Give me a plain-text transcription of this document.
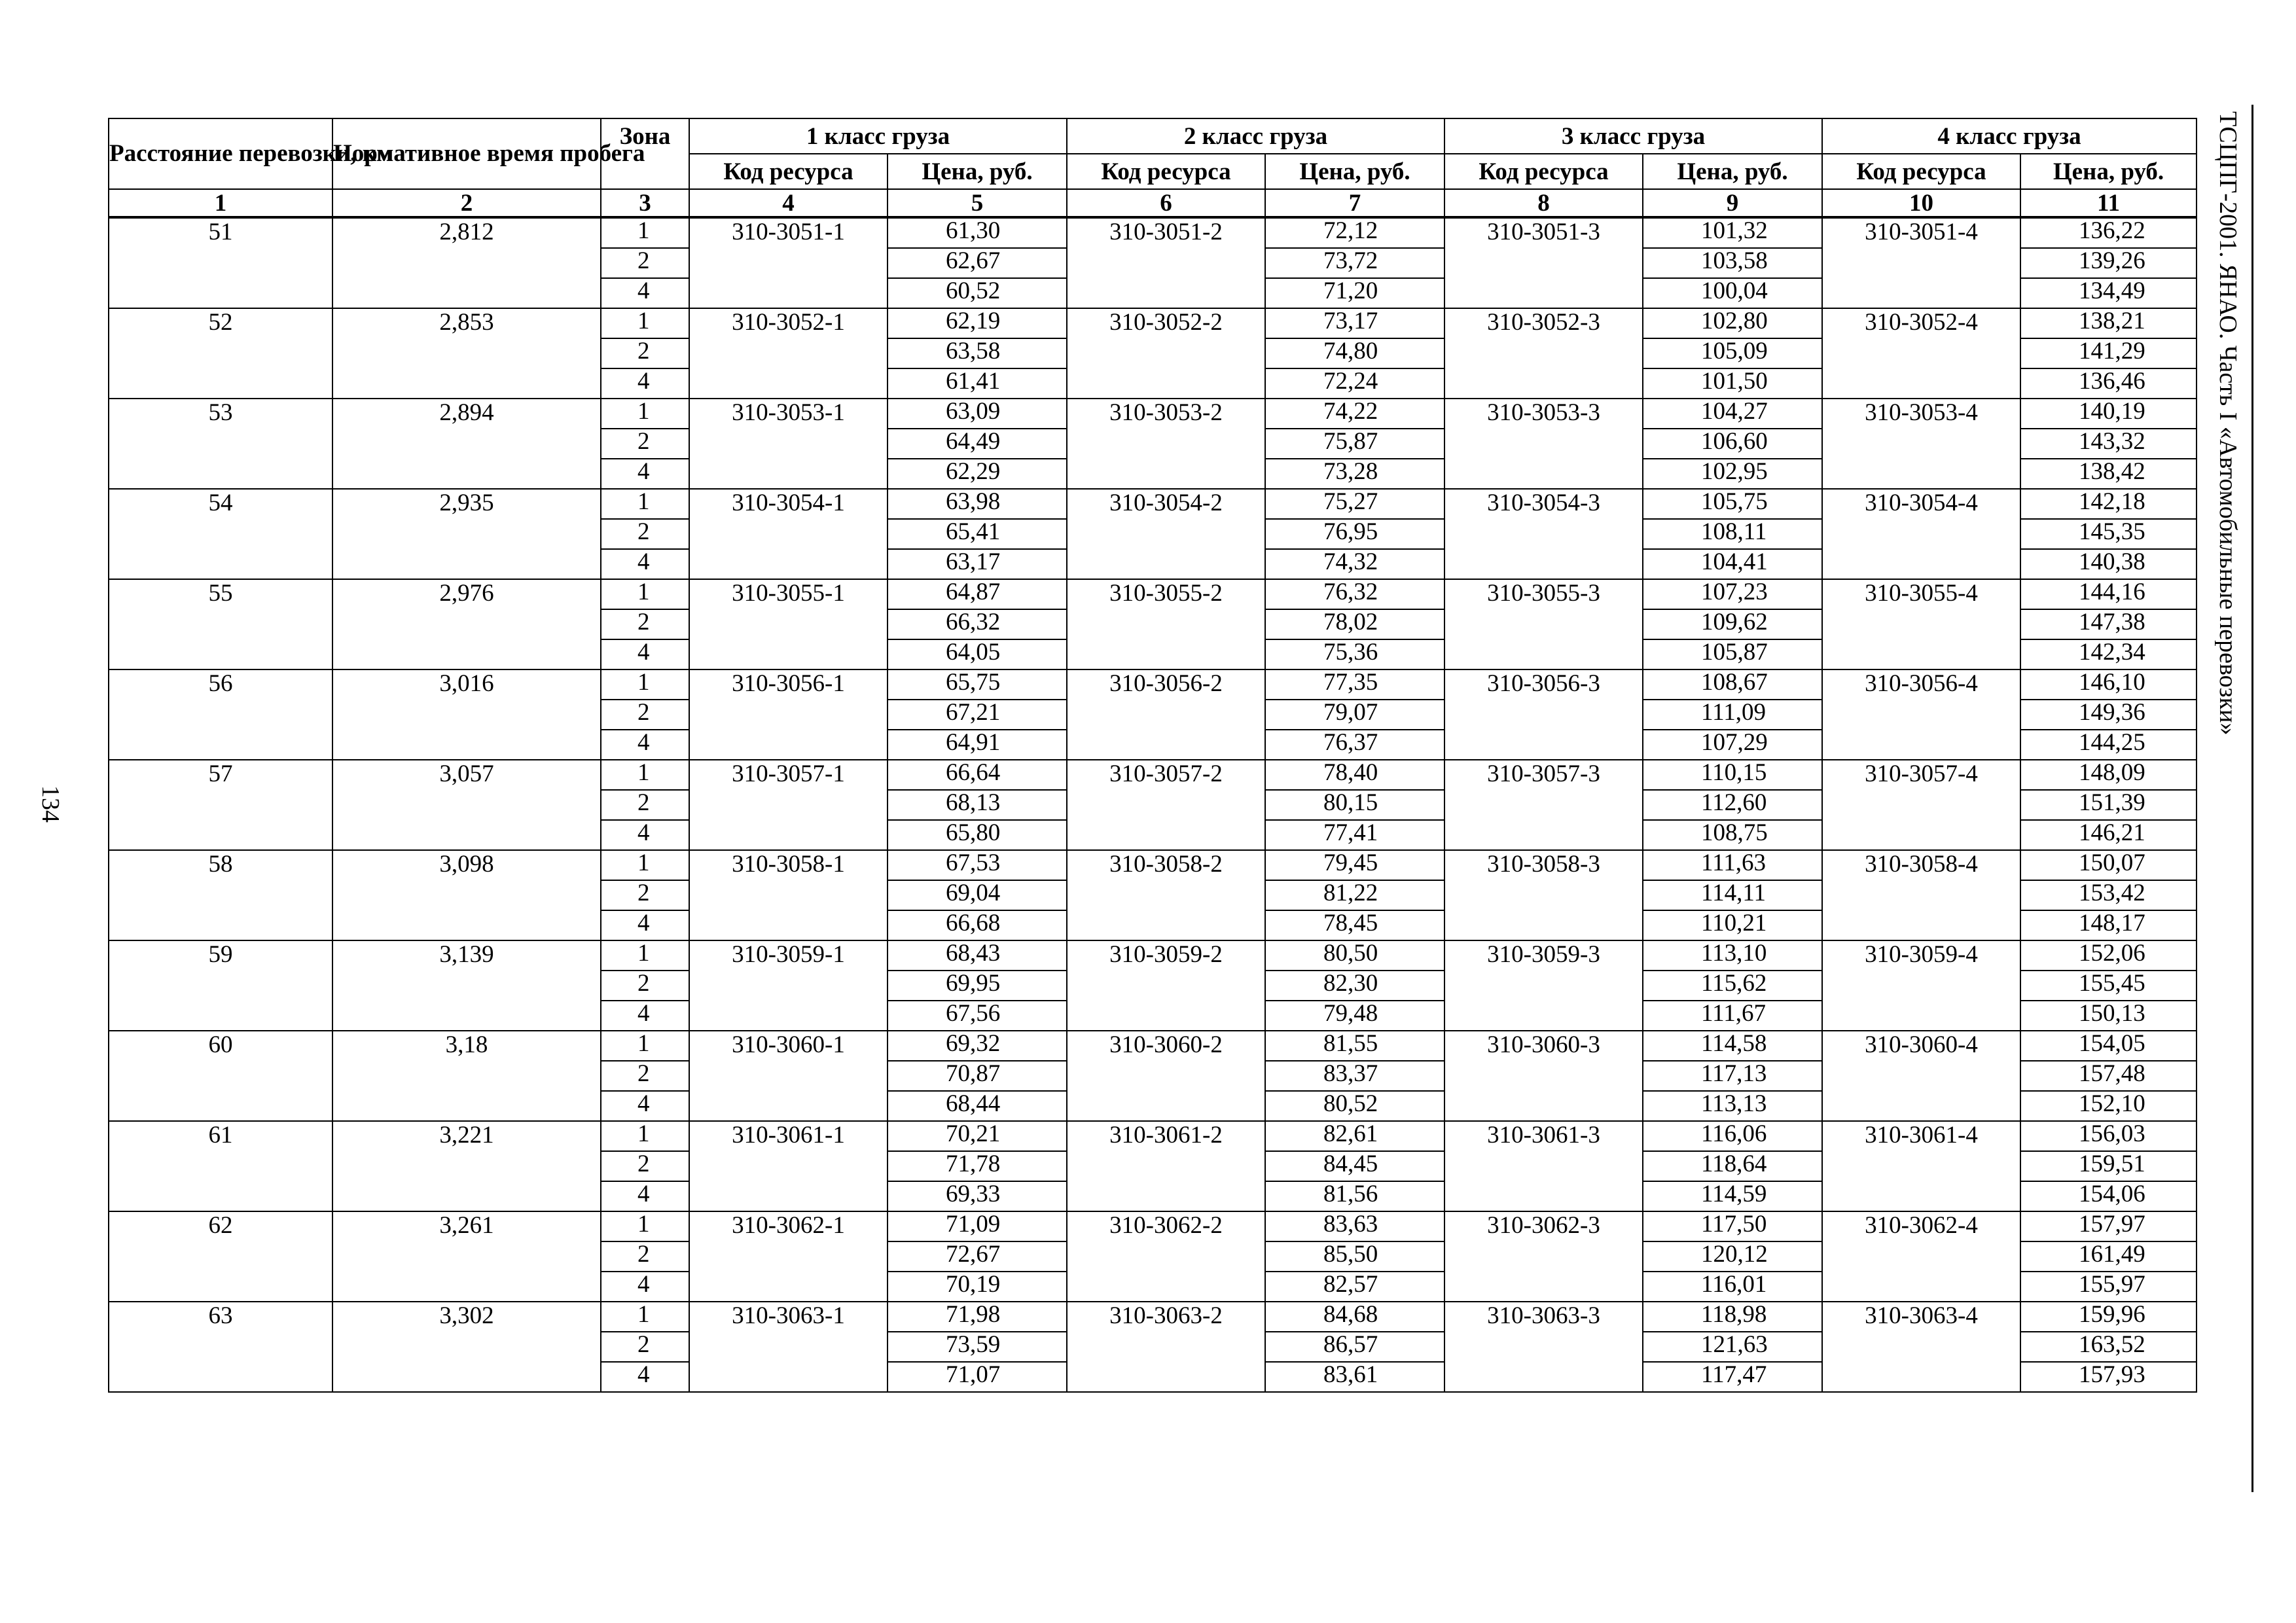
ТСЦПГ-2001. ЯНАО. Часть I «Автомобильные перевозки»
134
Расстояние перевозки, км	Нормативное время пробега	Зона	1 класс груза		2 класс груза		3 класс груза		4 класс груза	
			Код ресурса	Цена, руб.	Код ресурса	Цена, руб.	Код ресурса	Цена, руб.	Код ресурса	Цена, руб.
1	2	3	4	5	6	7	8	9	10	11
51	2,812	1	310-3051-1	61,30	310-3051-2	72,12	310-3051-3	101,32	310-3051-4	136,22
		2		62,67		73,72		103,58		139,26
		4		60,52		71,20		100,04		134,49
52	2,853	1	310-3052-1	62,19	310-3052-2	73,17	310-3052-3	102,80	310-3052-4	138,21
		2		63,58		74,80		105,09		141,29
		4		61,41		72,24		101,50		136,46
53	2,894	1	310-3053-1	63,09	310-3053-2	74,22	310-3053-3	104,27	310-3053-4	140,19
		2		64,49		75,87		106,60		143,32
		4		62,29		73,28		102,95		138,42
54	2,935	1	310-3054-1	63,98	310-3054-2	75,27	310-3054-3	105,75	310-3054-4	142,18
		2		65,41		76,95		108,11		145,35
		4		63,17		74,32		104,41		140,38
55	2,976	1	310-3055-1	64,87	310-3055-2	76,32	310-3055-3	107,23	310-3055-4	144,16
		2		66,32		78,02		109,62		147,38
		4		64,05		75,36		105,87		142,34
56	3,016	1	310-3056-1	65,75	310-3056-2	77,35	310-3056-3	108,67	310-3056-4	146,10
		2		67,21		79,07		111,09		149,36
		4		64,91		76,37		107,29		144,25
57	3,057	1	310-3057-1	66,64	310-3057-2	78,40	310-3057-3	110,15	310-3057-4	148,09
		2		68,13		80,15		112,60		151,39
		4		65,80		77,41		108,75		146,21
58	3,098	1	310-3058-1	67,53	310-3058-2	79,45	310-3058-3	111,63	310-3058-4	150,07
		2		69,04		81,22		114,11		153,42
		4		66,68		78,45		110,21		148,17
59	3,139	1	310-3059-1	68,43	310-3059-2	80,50	310-3059-3	113,10	310-3059-4	152,06
		2		69,95		82,30		115,62		155,45
		4		67,56		79,48		111,67		150,13
60	3,18	1	310-3060-1	69,32	310-3060-2	81,55	310-3060-3	114,58	310-3060-4	154,05
		2		70,87		83,37		117,13		157,48
		4		68,44		80,52		113,13		152,10
61	3,221	1	310-3061-1	70,21	310-3061-2	82,61	310-3061-3	116,06	310-3061-4	156,03
		2		71,78		84,45		118,64		159,51
		4		69,33		81,56		114,59		154,06
62	3,261	1	310-3062-1	71,09	310-3062-2	83,63	310-3062-3	117,50	310-3062-4	157,97
		2		72,67		85,50		120,12		161,49
		4		70,19		82,57		116,01		155,97
63	3,302	1	310-3063-1	71,98	310-3063-2	84,68	310-3063-3	118,98	310-3063-4	159,96
		2		73,59		86,57		121,63		163,52
		4		71,07		83,61		117,47		157,93
